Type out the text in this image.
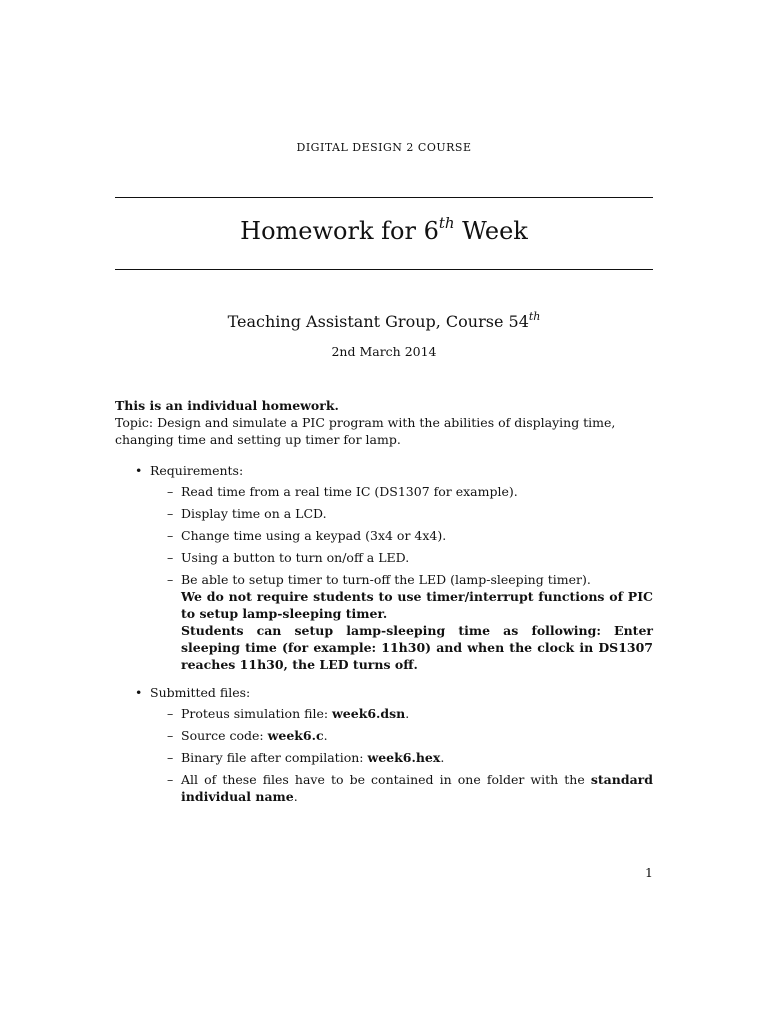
DIGITAL DESIGN 2 COURSE
Homework for 6th Week
Teaching Assistant Group, Course 54th
2nd March 2014

This is an individual homework.

Topic: Design and simulate a PIC program with the abilities of displaying time, changing time and setting up timer for lamp.

• Requirements:
– Read time from a real time IC (DS1307 for example).
– Display time on a LCD.
– Change time using a keypad (3x4 or 4x4).
– Using a button to turn on/off a LED.
– Be able to setup timer to turn-off the LED (lamp-sleeping timer).
We do not require students to use timer/interrupt functions of PIC to setup lamp-sleeping timer.
Students can setup lamp-sleeping time as following: Enter sleeping time (for example: 11h30) and when the clock in DS1307 reaches 11h30, the LED turns off.
• Submitted files:
– Proteus simulation file: week6.dsn.
– Source code: week6.c.
– Binary file after compilation: week6.hex.
– All of these files have to be contained in one folder with the standard individual name.
1
